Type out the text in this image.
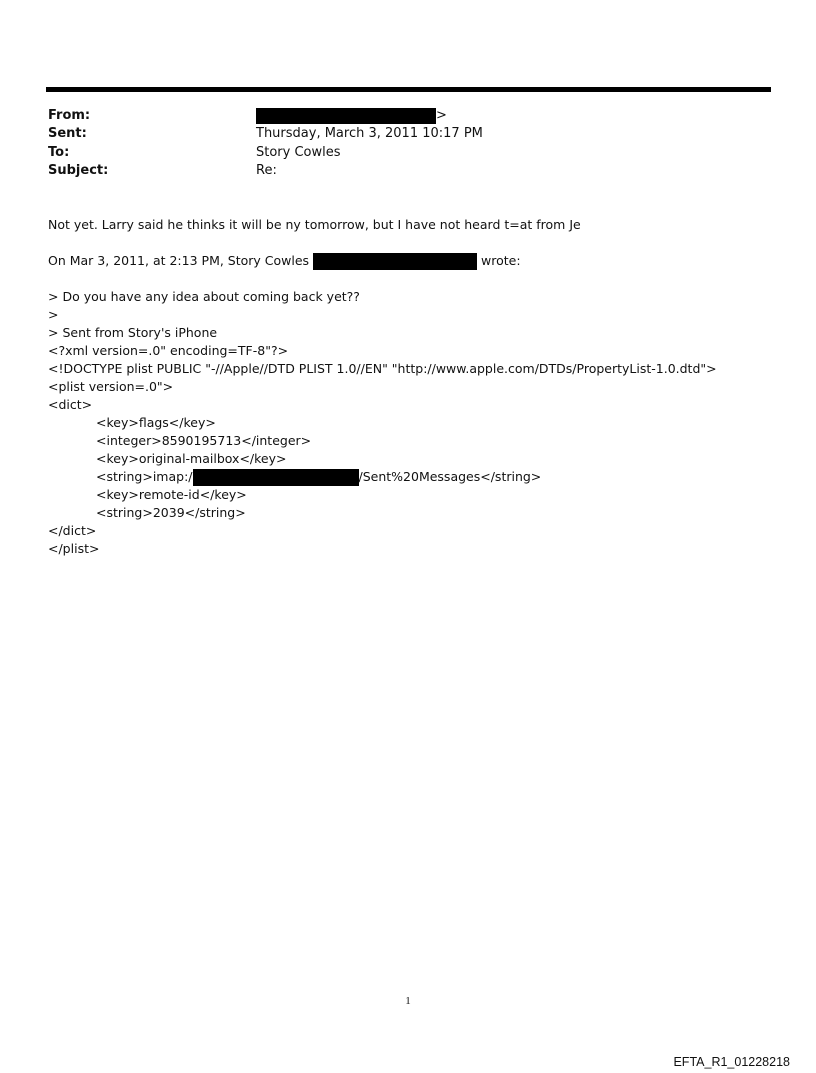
From:	>
Sent:	Thursday, March 3, 2011 10:17 PM
To:	Story Cowles
Subject:	Re:
Not yet. Larry said he thinks it will be ny tomorrow, but I have not heard t=at from Je
On Mar 3, 2011, at 2:13 PM, Story Cowles	wrote:
> Do you have any idea about coming back yet??
>
> Sent from Story's iPhone
<?xml version=.0" encoding=TF-8"?>
<!DOCTYPE plist PUBLIC "-//Apple//DTD PLIST 1.0//EN" "http://www.apple.com/DTDs/PropertyList-1.0.dtd">
<plist version=.0">
<dict>
<key>flags</key>
<integer>8590195713</integer>
<key>original-mailbox</key>
<string>imap:/	/Sent%20Messages</string>
<key>remote-id</key>
<string>2039</string>
</dict>
</plist>
1
EFTA_R1_01228218
